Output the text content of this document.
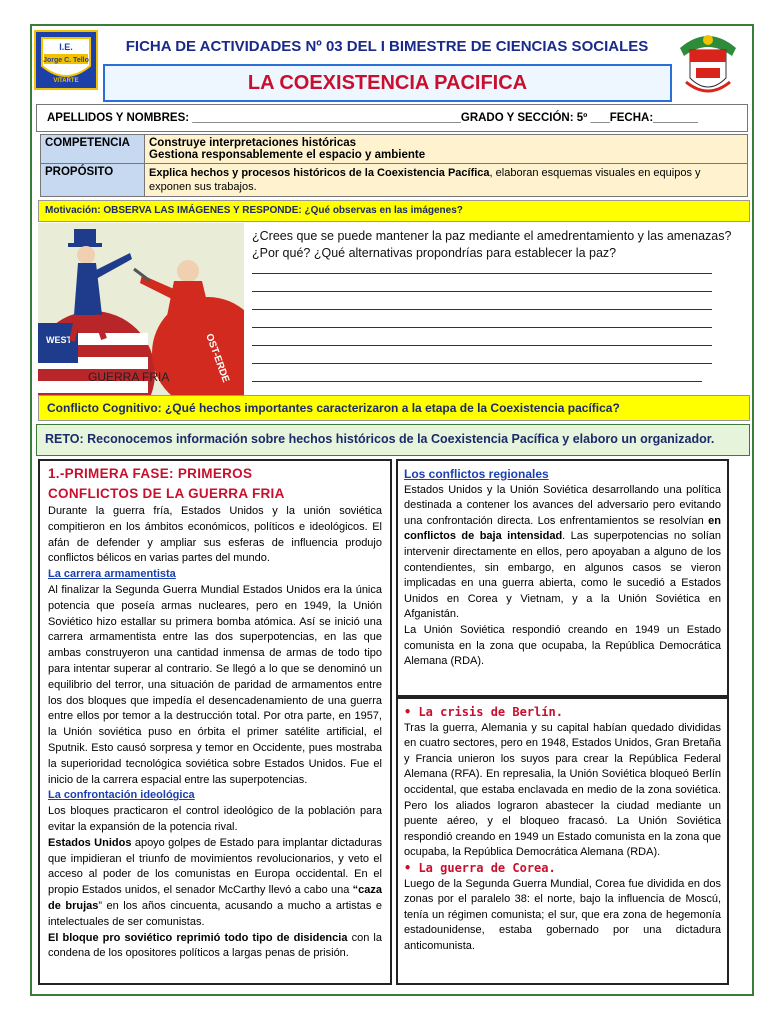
I.E.
Jorge C. Tello
VITARTE
FICHA DE ACTIVIDADES Nº 03 DEL I BIMESTRE DE CIENCIAS SOCIALES
LA COEXISTENCIA PACIFICA
APELLIDOS Y NOMBRES: __________________________________________GRADO Y SECCIÓN: 5º ___FECHA:_______
COMPETENCIA	Construye interpretaciones históricas
Gestiona responsablemente el espacio y ambiente

PROPÓSITO	Explica hechos y procesos históricos de la Coexistencia Pacífica, elaboran esquemas visuales en equipos y exponen sus trabajos.
Motivación: OBSERVA LAS IMÁGENES Y RESPONDE: ¿Qué observas en las imágenes?
WEST	OST-ERDE
GUERRA FRIA
¿Crees que se puede mantener la paz mediante el amedrentamiento y las amenazas? ¿Por qué? ¿Qué alternativas propondrías para establecer la paz?
Conflicto Cognitivo: ¿Qué hechos importantes caracterizaron a la etapa de la Coexistencia pacífica?
RETO: Reconocemos información sobre hechos históricos de la Coexistencia Pacífica y elaboro un organizador.
1.-PRIMERA FASE: PRIMEROS
CONFLICTOS DE LA GUERRA FRIA

Durante la guerra fría, Estados Unidos y la unión soviética compitieron en los ámbitos económicos, políticos e ideológicos. El afán de defender y ampliar sus esferas de influencia produjo conflictos bélicos en varias partes del mundo.

La carrera armamentista

Al finalizar la Segunda Guerra Mundial Estados Unidos era la única potencia que poseía armas nucleares, pero en 1949, la Unión Soviético hizo estallar su primera bomba atómica. Así se inició una carrera armamentista entre las dos superpotencias, en las que ambas construyeron una cantidad inmensa de armas de todo tipo para intentar superar al contrario. Se llegó a lo que se denominó un equilibrio del terror, una situación de paridad de armamentos entre los dos bloques que impedía el desencadenamiento de una guerra entre ellos por temor a la destrucción total. Por otra parte, en 1957, la Unión soviética puso en órbita el primer satélite artificial, el Sputnik. Esto causó sorpresa y temor en Occidente, pues mostraba la superioridad tecnológica soviética sobre Estados Unidos. Fue el inicio de la carrera espacial entre las superpotencias.

La confrontación ideológica

Los bloques practicaron el control ideológico de la población para evitar la expansión de la potencia rival.

Estados Unidos apoyo golpes de Estado para implantar dictaduras que impidieran el triunfo de movimientos revolucionarios, y veto el acceso al poder de los comunistas en Europa occidental. En el propio Estados unidos, el senador McCarthy llevó a cabo una “caza de brujas” en los años cincuenta, acusando a mucho a artistas e intelectuales de ser comunistas.

El bloque pro soviético reprimió todo tipo de disidencia con la condena de los opositores políticos a largas penas de prisión.

Los conflictos regionales

Estados Unidos y la Unión Soviética desarrollando una política destinada a contener los avances del adversario pero evitando una confrontación directa. Los enfrentamientos se resolvían en conflictos de baja intensidad. Las superpotencias no solían intervenir directamente en ellos, pero apoyaban a alguno de los contendientes, sin embargo, en algunos casos se vieron implicadas en una guerra abierta, como le sucedió a Estados Unidos en Corea y Vietnam, y a la Unión Soviética en Afganistán.

La Unión Soviética respondió creando en 1949 un Estado comunista en la zona que ocupaba, la República Democrática Alemana (RDA).

• La crisis de Berlín.

Tras la guerra, Alemania y su capital habían quedado divididas en cuatro sectores, pero en 1948, Estados Unidos, Gran Bretaña y Francia unieron los suyos para crear la República Federal Alemana (RFA). En represalia, la Unión Soviética bloqueó Berlín occidental, que estaba enclavada en medio de la zona soviética. Pero los aliados lograron abastecer la ciudad mediante un puente aéreo, y el bloqueo fracasó. La Unión Soviética respondió creando en 1949 un Estado comunista en la zona que ocupaba, la República Democrática Alemana (RDA).

• La guerra de Corea.

Luego de la Segunda Guerra Mundial, Corea fue dividida en dos zonas por el paralelo 38: el norte, bajo la influencia de Moscú, tenía un régimen comunista; el sur, que era zona de hegemonía estadounidense, estaba gobernado por una dictadura anticomunista.
